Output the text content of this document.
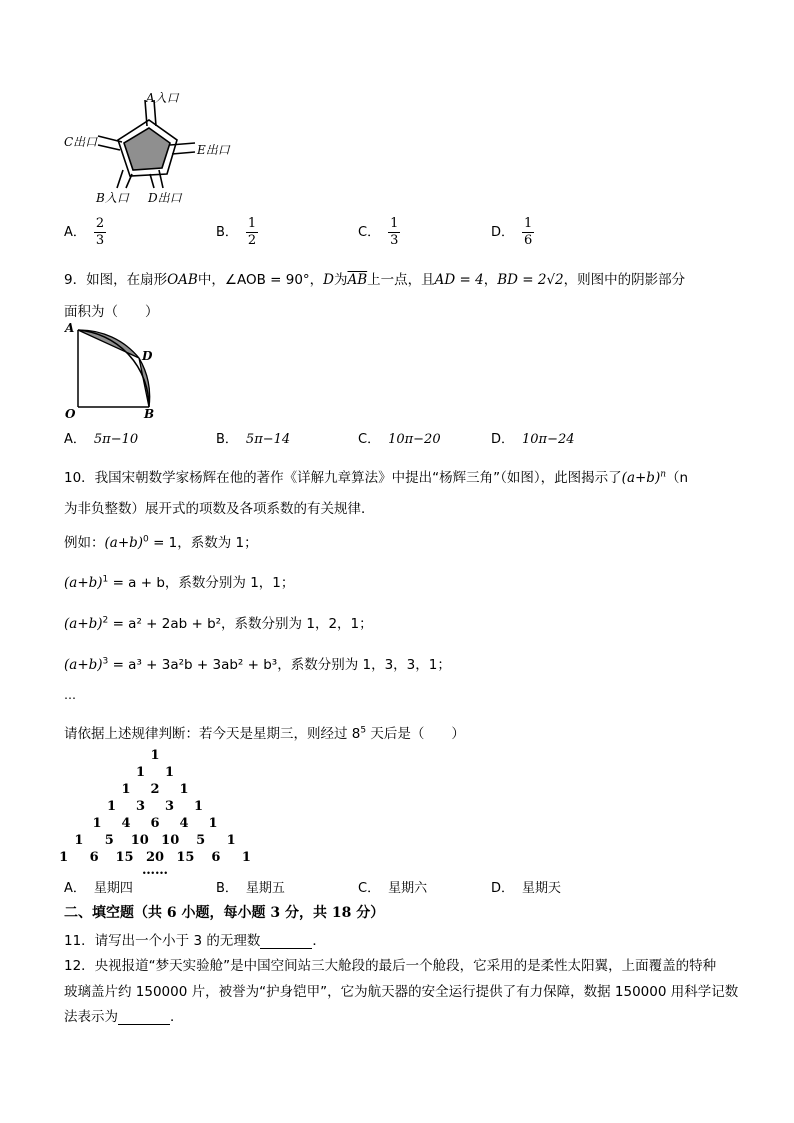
A入口
C出口
E出口
B入口 D出口
A． $\frac{2}{3}$	B． $\frac{1}{2}$	C． $\frac{1}{3}$	D． $\frac{1}{6}$
9．如图，在扇形OAB中，∠AOB = 90°，D为$\overline{AB}$上一点，且AD = 4，BD = 2√2，则图中的阴影部分
面积为（　　）
A
D
O	B
A． 5π−10	B． 5π−14	C． 10π−20	D． 10π−24
10．我国宋朝数学家杨辉在他的著作《详解九章算法》中提出“杨辉三角”（如图），此图揭示了$(a+b)^n(n$
为非负整数）展开式的项数及各项系数的有关规律．
例如：$(a+b)^0 = 1$，系数为 1；
$(a+b)^1 = a + b$，系数分别为 1，1；
$(a+b)^2 = a^2 + 2ab + b^2$，系数分别为 1，2，1；
$(a+b)^3 = a^3 + 3a^2b + 3ab^2 + b^3$，系数分别为 1，3，3，1；
…
请依据上述规律判断：若今天是星期三，则经过 $8^5$ 天后是（　　）
1
1 1
1 2 1
1 3 3 1
1 4 6 4 1
1 5 10 10 5 1
1 6 15 20 15 6 1
……
A． 星期四	B． 星期五	C． 星期六	D． 星期天
二、填空题（共 6 小题，每小题 3 分，共 18 分）
11．请写出一个小于 3 的无理数	．
12．央视报道“梦天实验舱”是中国空间站三大舱段的最后一个舱段，它采用的是柔性太阳翼，上面覆盖的特种
玻璃盖片约 150000 片，被誉为“护身铠甲”，它为航天器的安全运行提供了有力保障，数据 150000 用科学记数
法表示为	．
